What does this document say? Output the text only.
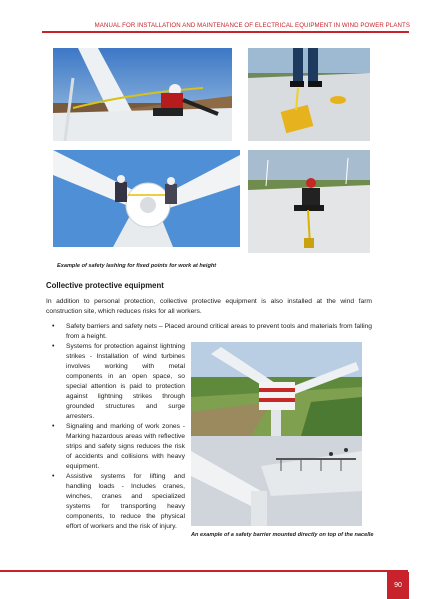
MANUAL FOR INSTALLATION AND MAINTENANCE OF ELECTRICAL EQUIPMENT IN WIND POWER PLANTS
Example of safety lashing for fixed points for work at height
Collective protective equipment
In addition to personal protection, collective protective equipment is also installed at the wind farm construction site, which reduces risks for all workers.
• Safety barriers and safety nets – Placed around critical areas to prevent tools and materials from falling from a height.
• Systems for protection against lightning strikes - Installation of wind turbines involves working with metal components in an open space, so special attention is paid to protection against lightning strikes through grounded structures and surge arresters.
• Signaling and marking of work zones - Marking hazardous areas with reflective strips and safety signs reduces the risk of accidents and collisions with heavy equipment.
• Assistive systems for lifting and handling loads - Includes cranes, winches, cranes and specialized systems for transporting heavy components, to reduce the physical effort of workers and the risk of injury.
An example of a safety barrier mounted directly on top of the nacelle
90
